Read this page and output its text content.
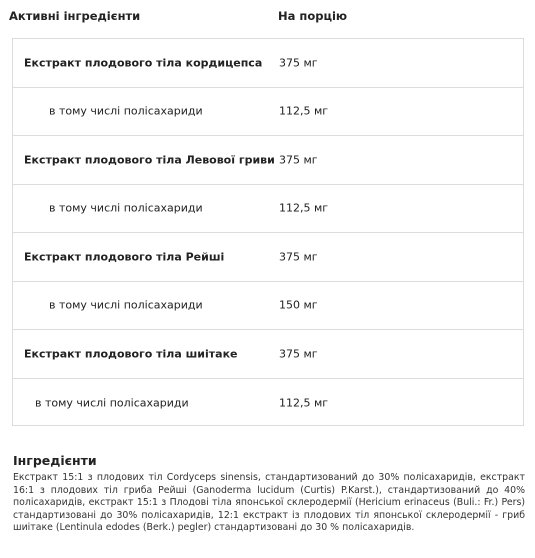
Активні інгредієнти	На порцію
Екстракт плодового тіла кордицепса 375 мг
в тому числі полісахариди	112,5 мг
Екстракт плодового тіла Левової гриви 375 мг
в тому числі полісахариди	112,5 мг
Екстракт плодового тіла Рейші	375 мг
в тому числі полісахариди	150 мг
Екстракт плодового тіла шиітаке	375 мг
в тому числі полісахариди	112,5 мг
Інгредієнти
Екстракт 15:1 з плодових тіл Cordyceps sinensis, стандартизований до 30% полісахаридів, екстракт 16:1 з плодових тіл гриба Рейші (Ganoderma lucidum (Curtis) P.Karst.), стандартизований до 40% полісахаридів, екстракт 15:1 з Плодові тіла японської склеродермії (Hericium erinaceus (Buli.: Fr.) Pers) стандартизовані до 30% полісахаридів, 12:1 екстракт із плодових тіл японської склеродермії - гриб шиітаке (Lentinula edodes (Berk.) pegler) стандартизовані до 30 % полісахаридів.
